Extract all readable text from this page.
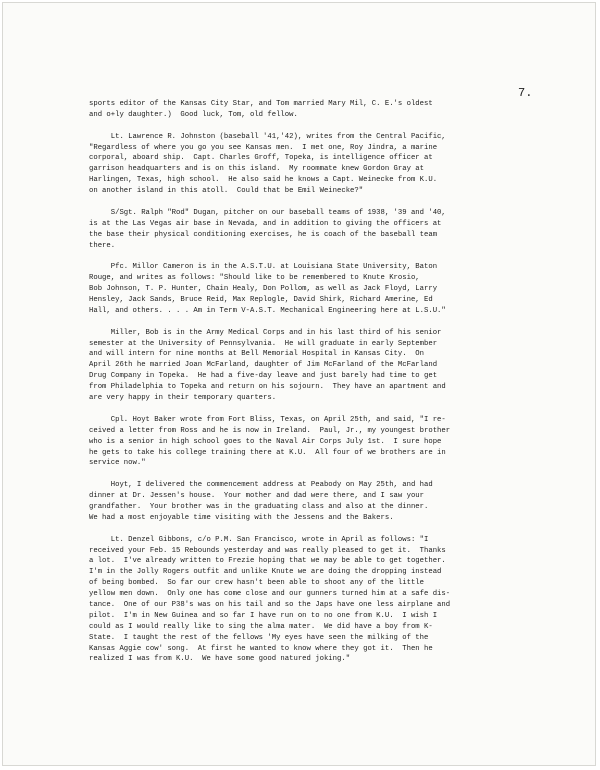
7.
sports editor of the Kansas City Star, and Tom married Mary Mil, C. E.'s oldest
and o+ly daughter.)  Good luck, Tom, old fellow.
Lt. Lawrence R. Johnston (baseball '41,'42), writes from the Central Pacific,
"Regardless of where you go you see Kansas men.  I met one, Roy Jindra, a marine
corporal, aboard ship.  Capt. Charles Groff, Topeka, is intelligence officer at
garrison headquarters and is on this island.  My roommate knew Gordon Gray at
Harlingen, Texas, high school.  He also said he knows a Capt. Weinecke from K.U.
on another island in this atoll.  Could that be Emil Weinecke?"
S/Sgt. Ralph "Rod" Dugan, pitcher on our baseball teams of 1938, '39 and '40,
is at the Las Vegas air base in Nevada, and in addition to giving the officers at
the base their physical conditioning exercises, he is coach of the baseball team
there.
Pfc. Millor Cameron is in the A.S.T.U. at Louisiana State University, Baton
Rouge, and writes as follows: "Should like to be remembered to Knute Krosio,
Bob Johnson, T. P. Hunter, Chain Healy, Don Pollom, as well as Jack Floyd, Larry
Hensley, Jack Sands, Bruce Reid, Max Replogle, David Shirk, Richard Amerine, Ed
Hall, and others. . . . Am in Term V-A.S.T. Mechanical Engineering here at L.S.U."
Miller, Bob is in the Army Medical Corps and in his last third of his senior
semester at the University of Pennsylvania.  He will graduate in early September
and will intern for nine months at Bell Memorial Hospital in Kansas City.  On
April 26th he married Joan McFarland, daughter of Jim McFarland of the McFarland
Drug Company in Topeka.  He had a five-day leave and just barely had time to get
from Philadelphia to Topeka and return on his sojourn.  They have an apartment and
are very happy in their temporary quarters.
Cpl. Hoyt Baker wrote from Fort Bliss, Texas, on April 25th, and said, "I re-
ceived a letter from Ross and he is now in Ireland.  Paul, Jr., my youngest brother
who is a senior in high school goes to the Naval Air Corps July 1st.  I sure hope
he gets to take his college training there at K.U.  All four of we brothers are in
service now."
Hoyt, I delivered the commencement address at Peabody on May 25th, and had
dinner at Dr. Jessen's house.  Your mother and dad were there, and I saw your
grandfather.  Your brother was in the graduating class and also at the dinner.
We had a most enjoyable time visiting with the Jessens and the Bakers.
Lt. Denzel Gibbons, c/o P.M. San Francisco, wrote in April as follows: "I
received your Feb. 15 Rebounds yesterday and was really pleased to get it.  Thanks
a lot.  I've already written to Frezie hoping that we may be able to get together.
I'm in the Jolly Rogers outfit and unlike Knute we are doing the dropping instead
of being bombed.  So far our crew hasn't been able to shoot any of the little
yellow men down.  Only one has come close and our gunners turned him at a safe dis-
tance.  One of our P38's was on his tail and so the Japs have one less airplane and
pilot.  I'm in New Guinea and so far I have run on to no one from K.U.  I wish I
could as I would really like to sing the alma mater.  We did have a boy from K-
State.  I taught the rest of the fellows 'My eyes have seen the milking of the
Kansas Aggie cow' song.  At first he wanted to know where they got it.  Then he
realized I was from K.U.  We have some good natured joking."
